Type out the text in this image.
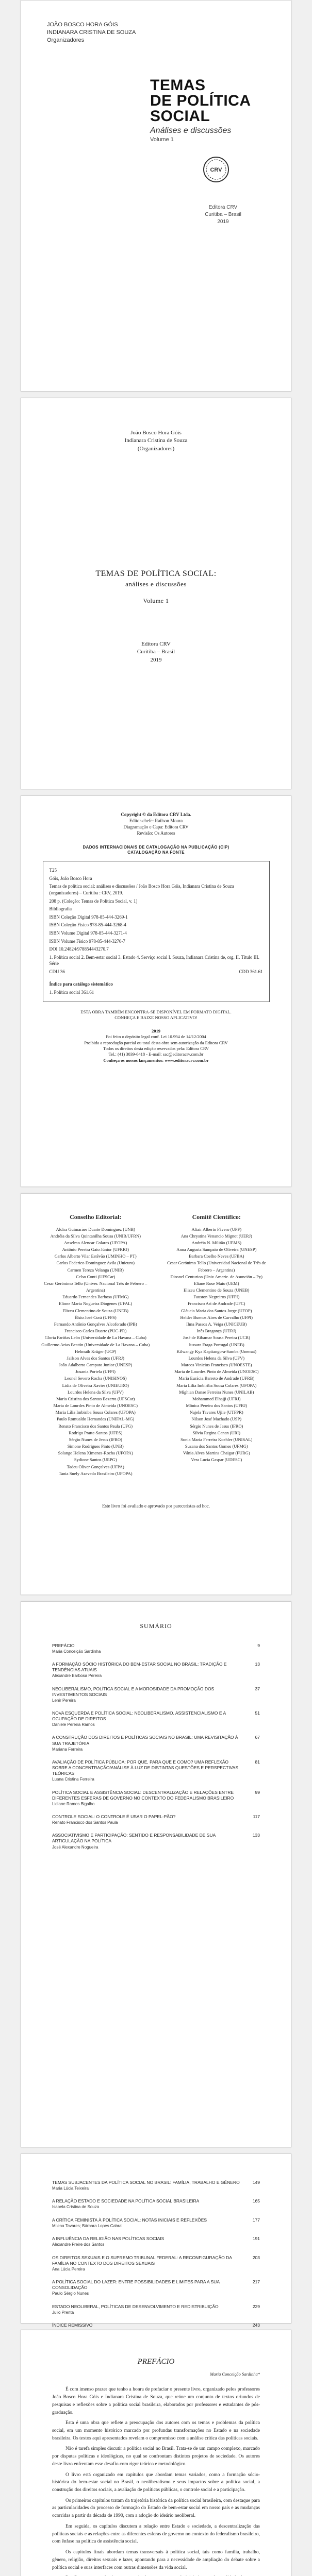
JOÃO BOSCO HORA GÓIS
INDIANARA CRISTINA DE SOUZA
Organizadores
TEMAS
DE POLÍTICA
SOCIAL
Análises e discussões
Volume 1
CRV
Editora CRV
Curitiba – Brasil
2019
João Bosco Hora Góis
Indianara Cristina de Souza
(Organizadores)
TEMAS DE POLÍTICA SOCIAL:
análises e discussões
Volume 1
Editora CRV
Curitiba – Brasil
2019
Copyright © da Editora CRV Ltda.
Editor-chefe: Railson Moura
Diagramação e Capa: Editora CRV
Revisão: Os Autores
DADOS INTERNACIONAIS DE CATALOGAÇÃO NA PUBLICAÇÃO (CIP)
CATALOGAÇÃO NA FONTE

T25

Góis, João Bosco Hora

Temas de política social: análises e discussões / João Bosco Hora Góis, Indianara Cristina de Souza (organizadores) – Curitiba : CRV, 2019.

208 p. (Coleção: Temas de Política Social, v. 1)

Bibliografia

ISBN Coleção Digital 978-85-444-3269-1

ISBN Coleção Físico 978-85-444-3268-4

ISBN Volume Digital 978-85-444-3271-4

ISBN Volume Físico 978-85-444-3270-7

DOI 10.24824/978854443270.7

1. Política social 2. Bem-estar social 3. Estado 4. Serviço social I. Souza, Indianara Cristina de, org. II. Título III. Série

CDU 36	CDD 361.61

Índice para catálogo sistemático

1. Política social 361.61

ESTA OBRA TAMBÉM ENCONTRA-SE DISPONÍVEL EM FORMATO DIGITAL.
CONHEÇA E BAIXE NOSSO APLICATIVO!
2019
Foi feito o depósito legal conf. Lei 10.994 de 14/12/2004
Proibida a reprodução parcial ou total desta obra sem autorização da Editora CRV
Todos os direitos desta edição reservados pela: Editora CRV
Tel.: (41) 3039-6418 - E-mail: sac@editoracrv.com.br
Conheça os nossos lançamentos: www.editoracrv.com.br
Conselho Editorial:
Aldira Guimarães Duarte Domínguez (UNB)
Andréia da Silva Quintanilha Sousa (UNIR/UFRN)
Anselmo Alencar Colares (UFOPA)
Antônio Pereira Gaio Júnior (UFRRJ)
Carlos Alberto Vilar Estêvão (UMINHO – PT)
Carlos Federico Dominguez Avila (Unieuro)
Carmen Tereza Velanga (UNIR)
Celso Conti (UFSCar)
Cesar Gerónimo Tello (Univer. Nacional Três de Febrero – Argentina)
Eduardo Fernandes Barbosa (UFMG)
Elione Maria Nogueira Diogenes (UFAL)
Elizeu Clementino de Souza (UNEB)
Élsio José Corá (UFFS)
Fernando Antônio Gonçalves Alcoforado (IPB)
Francisco Carlos Duarte (PUC-PR)
Gloria Fariñas León (Universidade de La Havana – Cuba)
Guillermo Arias Beatón (Universidade de La Havana – Cuba)
Helmuth Krüger (UCP)
Jailson Alves dos Santos (UFRJ)
João Adalberto Campato Junior (UNESP)
Josania Portela (UFPI)
Leonel Severo Rocha (UNISINOS)
Lídia de Oliveira Xavier (UNIEURO)
Lourdes Helena da Silva (UFV)
Maria Cristina dos Santos Bezerra (UFSCar)
Maria de Lourdes Pinto de Almeida (UNOESC)
Maria Lília Imbiriba Sousa Colares (UFOPA)
Paulo Romualdo Hernandes (UNIFAL-MG)
Renato Francisco dos Santos Paula (UFG)
Rodrigo Pratte-Santos (UFES)
Sérgio Nunes de Jesus (IFRO)
Simone Rodrigues Pinto (UNB)
Solange Helena Ximenes-Rocha (UFOPA)
Sydione Santos (UEPG)
Tadeu Oliver Gonçalves (UFPA)
Tania Suely Azevedo Brasileiro (UFOPA)
Comitê Científico:
Altair Alberto Fávero (UPF)
Ana Chrystina Venancio Mignot (UERJ)
Andréia N. Militão (UEMS)
Anna Augusta Sampaio de Oliveira (UNESP)
Barbara Coelho Neves (UFBA)
Cesar Gerónimo Tello (Universidad Nacional de Três de Febrero – Argentina)
Diosnel Centurion (Univ Americ. de Asunción – Py)
Eliane Rose Maio (UEM)
Elizeu Clementino de Souza (UNEB)
Fauston Negreiros (UFPI)
Francisco Ari de Andrade (UFC)
Gláucia Maria dos Santos Jorge (UFOP)
Helder Buenos Aires de Carvalho (UFPI)
Ilma Passos A. Veiga (UNICEUB)
Inês Bragança (UERJ)
José de Ribamar Sousa Pereira (UCB)
Jussara Fraga Portugal (UNEB)
Kilwangy Kya Kapitango-a-Samba (Unemat)
Lourdes Helena da Silva (UFV)
Marcos Vinicius Francisco (UNOESTE)
Maria de Lourdes Pinto de Almeida (UNOESC)
Maria Eurácia Barreto de Andrade (UFRB)
Maria Lília Imbiriba Sousa Colares (UFOPA)
Míghian Danae Ferreira Nunes (UNILAB)
Mohammed Elhajji (UFRJ)
Mônica Pereira dos Santos (UFRJ)
Najela Tavares Ujiie (UTFPR)
Nilson José Machado (USP)
Sérgio Nunes de Jesus (IFRO)
Silvia Regina Canan (URI)
Sonia Maria Ferreira Koehler (UNISAL)
Suzana dos Santos Gomes (UFMG)
Vânia Alves Martins Chaigar (FURG)
Vera Lucia Gaspar (UDESC)
Este livro foi avaliado e aprovado por pareceristas ad hoc.
SUMÁRIO
PREFÁCIO
Maria Conceição Sardinha
9
A FORMAÇÃO SÓCIO HISTÓRICA DO BEM-ESTAR SOCIAL NO BRASIL: TRADIÇÃO E TENDÊNCIAS ATUAIS
Alexandre Barbosa Pereira
13
NEOLIBERALISMO, POLÍTICA SOCIAL E A MOROSIDADE DA PROMOÇÃO DOS INVESTIMENTOS SOCIAIS
Lenir Pereira
37
NOVA ESQUERDA E POLÍTICA SOCIAL: NEOLIBERALISMO, ASSISTENCIALISMO E A OCUPAÇÃO DE DIREITOS
Daniele Pereira Ramos
51
A CONSTRUÇÃO DOS DIREITOS E POLÍTICAS SOCIAIS NO BRASIL: UMA REVISITAÇÃO À SUA TRAJETÓRIA
Mariana Ferreira
67
AVALIAÇÃO DE POLÍTICA PÚBLICA: POR QUE, PARA QUE E COMO? UMA REFLEXÃO SOBRE A CONCENTRAÇÃO/ANÁLISE À LUZ DE DISTINTAS QUESTÕES E PERSPECTIVAS TEÓRICAS
Luana Cristina Ferreira
81
POLÍTICA SOCIAL E ASSISTÊNCIA SOCIAL: DESCENTRALIZAÇÃO E RELAÇÕES ENTRE DIFERENTES ESFERAS DE GOVERNO NO CONTEXTO DO FEDERALISMO BRASILEIRO
Lidiane Ramos Bigalho
99
CONTROLE SOCIAL: O CONTROLE É USAR O PAPEL-PÃO?
Renato Francisco dos Santos Paula
117
ASSOCIATIVISMO E PARTICIPAÇÃO: SENTIDO E RESPONSABILIDADE DE SUA ARTICULAÇÃO NA POLÍTICA
José Alexandre Nogueira
133
TEMAS SUBJACENTES DA POLÍTICA SOCIAL NO BRASIL: FAMÍLIA, TRABALHO E GÊNERO
Maria Lúcia Teixeira
149
A RELAÇÃO ESTADO E SOCIEDADE NA POLÍTICA SOCIAL BRASILEIRA
Isabela Cristina de Souza
165
A CRÍTICA FEMINISTA À POLÍTICA SOCIAL: NOTAS INICIAIS E REFLEXÕES
Milena Tavares; Bárbara Lopes Cabral
177
A INFLUÊNCIA DA RELIGIÃO NAS POLÍTICAS SOCIAIS
Alexandre Freire dos Santos
191
OS DIREITOS SEXUAIS E O SUPREMO TRIBUNAL FEDERAL: A RECONFIGURAÇÃO DA FAMÍLIA NO CONTEXTO DOS DIREITOS SEXUAIS
Ana Lúcia Pereira
203
A POLÍTICA SOCIAL DO LAZER: ENTRE POSSIBILIDADES E LIMITES PARA A SUA CONSOLIDAÇÃO
Paulo Sérgio Nunes
217
ESTADO NEOLIBERAL, POLÍTICAS DE DESENVOLVIMENTO E REDISTRIBUIÇÃO
Julio Prenta
229
ÍNDICE REMISSIVO	243
PREFÁCIO
Maria Conceição Sardinha*

É com imenso prazer que tenho a honra de prefaciar o presente livro, organizado pelos professores João Bosco Hora Góis e Indianara Cristina de Souza, que reúne um conjunto de textos oriundos de pesquisas e reflexões sobre a política social brasileira, elaborados por professores e estudantes de pós-graduação.

Esta é uma obra que reflete a preocupação dos autores com os temas e problemas da política social, em um momento histórico marcado por profundas transformações no Estado e na sociedade brasileira. Os textos aqui apresentados revelam o compromisso com a análise crítica das políticas sociais.

Não é tarefa simples discutir a política social no Brasil. Trata-se de um campo complexo, marcado por disputas políticas e ideológicas, no qual se confrontam distintos projetos de sociedade. Os autores deste livro enfrentam esse desafio com rigor teórico e metodológico.

O livro está organizado em capítulos que abordam temas variados, como a formação sócio-histórica do bem-estar social no Brasil, o neoliberalismo e seus impactos sobre a política social, a construção dos direitos sociais, a avaliação de políticas públicas, o controle social e a participação.

Os primeiros capítulos tratam da trajetória histórica da política social brasileira, com destaque para as particularidades do processo de formação do Estado de bem-estar social em nosso país e as mudanças ocorridas a partir da década de 1990, com a adoção do ideário neoliberal.

Em seguida, os capítulos discutem a relação entre Estado e sociedade, a descentralização das políticas sociais e as relações entre as diferentes esferas de governo no contexto do federalismo brasileiro, com ênfase na política de assistência social.

Os capítulos finais abordam temas transversais à política social, tais como família, trabalho, gênero, religião, direitos sexuais e lazer, apontando para a necessidade de ampliação do debate sobre a política social e suas interfaces com outras dimensões da vida social.
